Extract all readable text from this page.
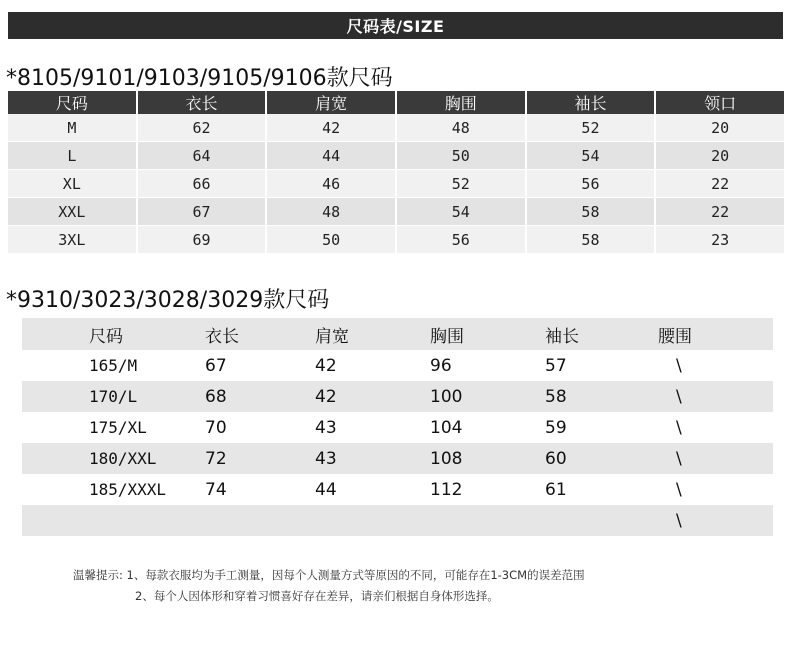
尺码表/SIZE
*8105/9101/9103/9105/9106款尺码
尺码	衣长	肩宽	胸围	袖长	领口
M	62	42	48	52	20
L	64	44	50	54	20
XL	66	46	52	56	22
XXL	67	48	54	58	22
3XL	69	50	56	58	23
*9310/3023/3028/3029款尺码
尺码	衣长	肩宽	胸围	袖长	腰围
165/M	67	42	96	57	\
170/L	68	42	100	58	\
175/XL	70	43	104	59	\
180/XXL	72	43	108	60	\
185/XXXL	74	44	112	61	\
					\
温馨提示: 1、每款衣服均为手工测量，因每个人测量方式等原因的不同，可能存在1-3CM的误差范围
2、每个人因体形和穿着习惯喜好存在差异，请亲们根据自身体形选择。
